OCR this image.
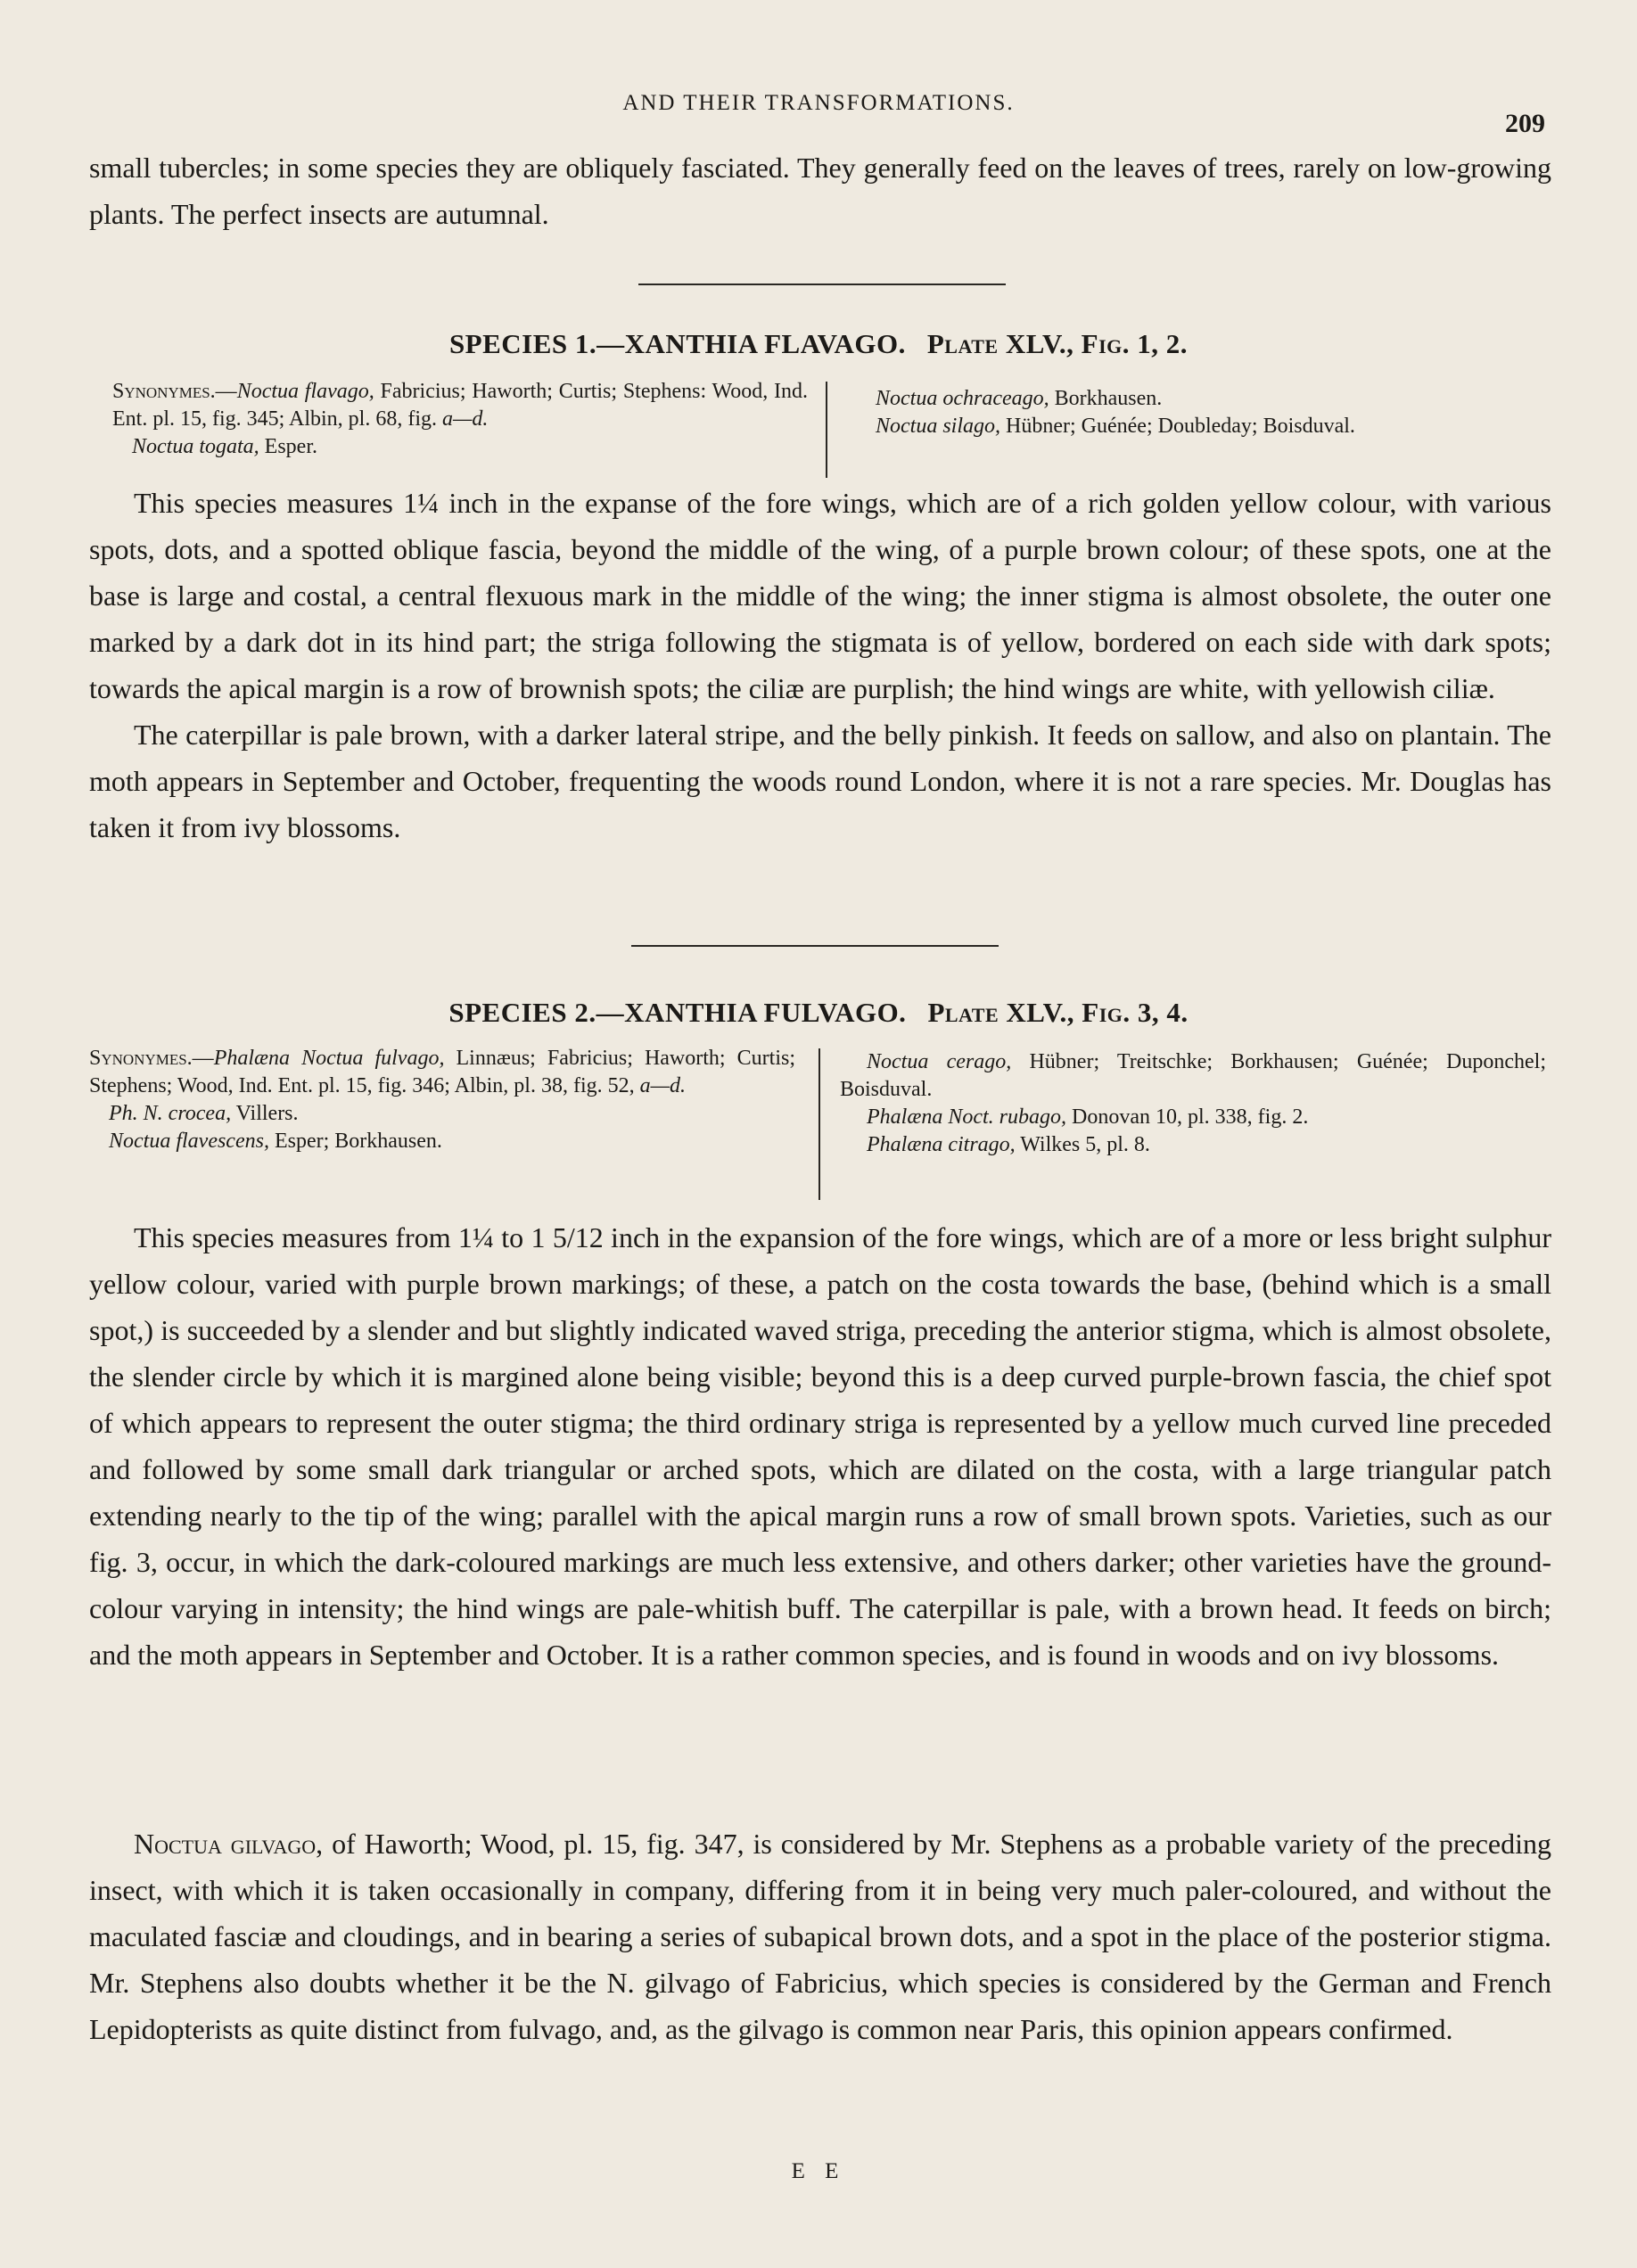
AND THEIR TRANSFORMATIONS.
209

small tubercles; in some species they are obliquely fasciated. They generally feed on the leaves of trees, rarely on low-growing plants. The perfect insects are autumnal.

SPECIES 1.—XANTHIA FLAVAGO. Plate XLV., Fig. 1, 2.
Synonymes.—Noctua flavago, Fabricius; Haworth; Curtis; Stephens: Wood, Ind. Ent. pl. 15, fig. 345; Albin, pl. 68, fig. a—d.
Noctua togata, Esper.
Noctua ochraceago, Borkhausen.
Noctua silago, Hübner; Guénée; Doubleday; Boisduval.

This species measures 1¼ inch in the expanse of the fore wings, which are of a rich golden yellow colour, with various spots, dots, and a spotted oblique fascia, beyond the middle of the wing, of a purple brown colour; of these spots, one at the base is large and costal, a central flexuous mark in the middle of the wing; the inner stigma is almost obsolete, the outer one marked by a dark dot in its hind part; the striga following the stigmata is of yellow, bordered on each side with dark spots; towards the apical margin is a row of brownish spots; the ciliæ are purplish; the hind wings are white, with yellowish ciliæ.

The caterpillar is pale brown, with a darker lateral stripe, and the belly pinkish. It feeds on sallow, and also on plantain. The moth appears in September and October, frequenting the woods round London, where it is not a rare species. Mr. Douglas has taken it from ivy blossoms.

SPECIES 2.—XANTHIA FULVAGO. Plate XLV., Fig. 3, 4.
Synonymes.—Phalæna Noctua fulvago, Linnæus; Fabricius; Haworth; Curtis; Stephens; Wood, Ind. Ent. pl. 15, fig. 346; Albin, pl. 38, fig. 52, a—d.
Ph. N. crocea, Villers.
Noctua flavescens, Esper; Borkhausen.
Noctua cerago, Hübner; Treitschke; Borkhausen; Guénée; Duponchel; Boisduval.
Phalæna Noct. rubago, Donovan 10, pl. 338, fig. 2.
Phalæna citrago, Wilkes 5, pl. 8.

This species measures from 1¼ to 1 5/12 inch in the expansion of the fore wings, which are of a more or less bright sulphur yellow colour, varied with purple brown markings; of these, a patch on the costa towards the base, (behind which is a small spot,) is succeeded by a slender and but slightly indicated waved striga, preceding the anterior stigma, which is almost obsolete, the slender circle by which it is margined alone being visible; beyond this is a deep curved purple-brown fascia, the chief spot of which appears to represent the outer stigma; the third ordinary striga is represented by a yellow much curved line preceded and followed by some small dark triangular or arched spots, which are dilated on the costa, with a large triangular patch extending nearly to the tip of the wing; parallel with the apical margin runs a row of small brown spots. Varieties, such as our fig. 3, occur, in which the dark-coloured markings are much less extensive, and others darker; other varieties have the ground-colour varying in intensity; the hind wings are pale-whitish buff. The caterpillar is pale, with a brown head. It feeds on birch; and the moth appears in September and October. It is a rather common species, and is found in woods and on ivy blossoms.

Noctua gilvago, of Haworth; Wood, pl. 15, fig. 347, is considered by Mr. Stephens as a probable variety of the preceding insect, with which it is taken occasionally in company, differing from it in being very much paler-coloured, and without the maculated fasciæ and cloudings, and in bearing a series of subapical brown dots, and a spot in the place of the posterior stigma. Mr. Stephens also doubts whether it be the N. gilvago of Fabricius, which species is considered by the German and French Lepidopterists as quite distinct from fulvago, and, as the gilvago is common near Paris, this opinion appears confirmed.

E E
